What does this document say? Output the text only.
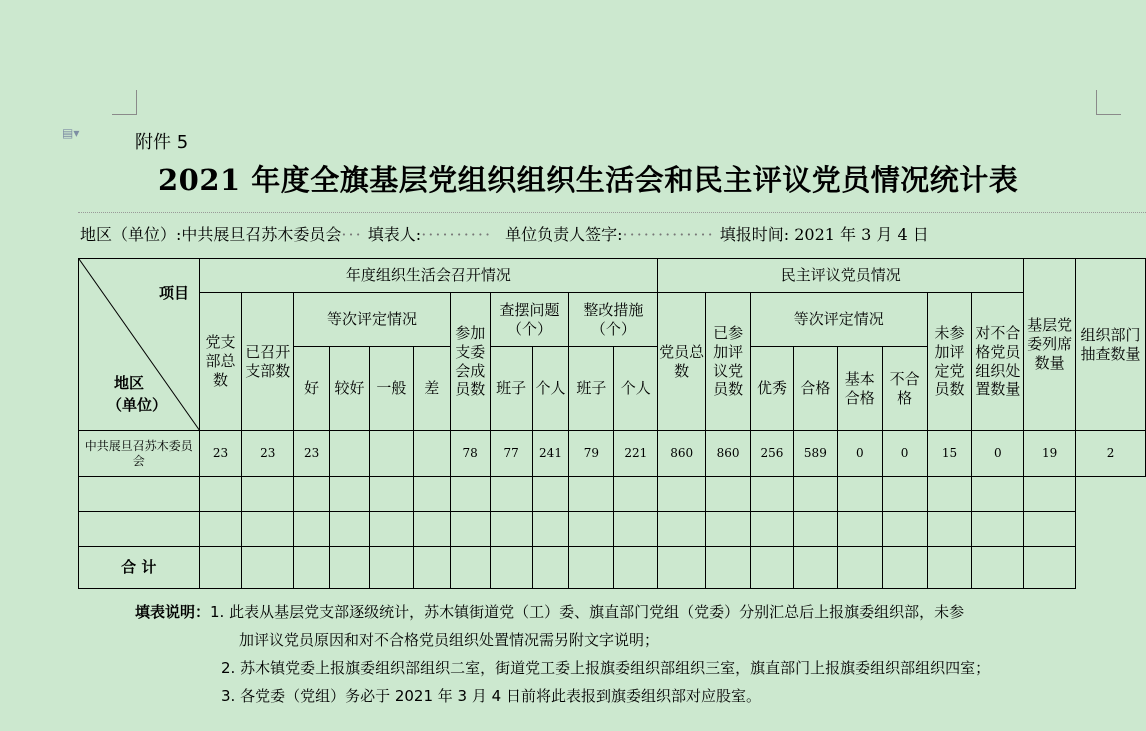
▤▾	附件 5
2021 年度全旗基层党组织组织生活会和民主评议党员情况统计表
地区（单位）:中共展旦召苏木委员会··· 填表人:·········· 单位负责人签字:············· 填报时间: 2021 年 3 月 4 日
项目
地区
（单位）	年度组织生活会召开情况											民主评议党员情况								基层党委列席数量	组织部门抽查数量
	党支部总数	已召开支部数	等次评定情况				参加支委会成员数	查摆问题（个）		整改措施（个）		党员总数	已参加评议党员数	等次评定情况				未参加评定党员数	对不合格党员组织处置数量		
			好	较好	一般	差		班子	个人	班子	个人			优秀	合格	基本合格	不合格				
中共展旦召苏木委员会	23	23	23				78	77	241	79	221	860	860	256	589	0	0	15	0	19	2

合 计																					
填表说明：1. 此表从基层党支部逐级统计，苏木镇街道党（工）委、旗直部门党组（党委）分别汇总后上报旗委组织部，未参
加评议党员原因和对不合格党员组织处置情况需另附文字说明；
2. 苏木镇党委上报旗委组织部组织二室，街道党工委上报旗委组织部组织三室，旗直部门上报旗委组织部组织四室；
3. 各党委（党组）务必于 2021 年 3 月 4 日前将此表报到旗委组织部对应股室。
